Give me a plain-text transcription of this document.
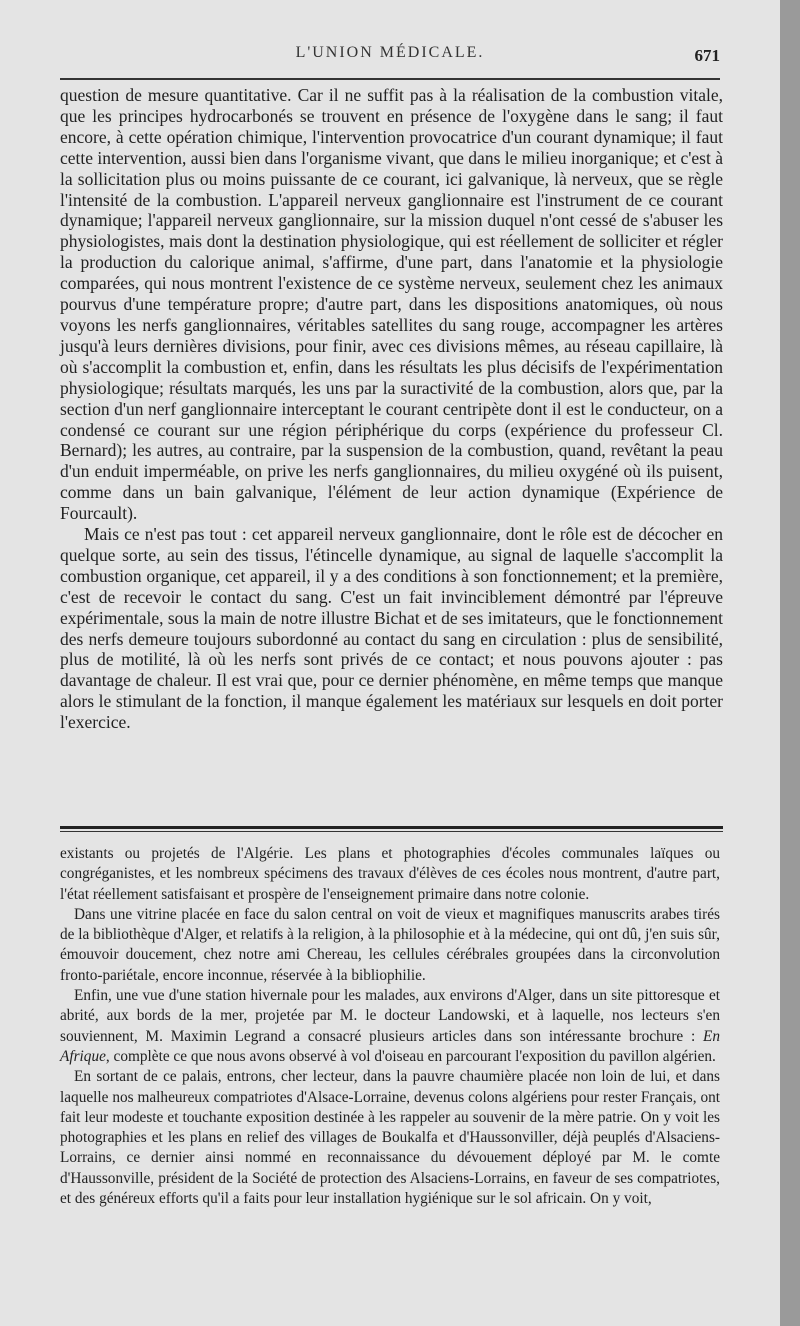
L'UNION MÉDICALE.	671

question de mesure quantitative. Car il ne suffit pas à la réalisation de la combustion vitale, que les principes hydrocarbonés se trouvent en présence de l'oxygène dans le sang; il faut encore, à cette opération chimique, l'intervention provocatrice d'un courant dynamique; il faut cette intervention, aussi bien dans l'organisme vivant, que dans le milieu inorganique; et c'est à la sollicitation plus ou moins puissante de ce courant, ici galvanique, là nerveux, que se règle l'intensité de la combustion. L'appareil nerveux ganglionnaire est l'instrument de ce courant dynamique; l'appareil nerveux ganglionnaire, sur la mission duquel n'ont cessé de s'abuser les physiologistes, mais dont la destination physiologique, qui est réellement de solliciter et régler la production du calorique animal, s'affirme, d'une part, dans l'anatomie et la physiologie comparées, qui nous montrent l'existence de ce système nerveux, seulement chez les animaux pourvus d'une température propre; d'autre part, dans les dispositions anatomiques, où nous voyons les nerfs ganglionnaires, véritables satellites du sang rouge, accompagner les artères jusqu'à leurs dernières divisions, pour finir, avec ces divisions mêmes, au réseau capillaire, là où s'accomplit la combustion et, enfin, dans les résultats les plus décisifs de l'expérimentation physiologique; résultats marqués, les uns par la suractivité de la combustion, alors que, par la section d'un nerf ganglionnaire interceptant le courant centripète dont il est le conducteur, on a condensé ce courant sur une région périphérique du corps (expérience du professeur Cl. Bernard); les autres, au contraire, par la suspension de la combustion, quand, revêtant la peau d'un enduit imperméable, on prive les nerfs ganglionnaires, du milieu oxygéné où ils puisent, comme dans un bain galvanique, l'élément de leur action dynamique (Expérience de Fourcault).

Mais ce n'est pas tout : cet appareil nerveux ganglionnaire, dont le rôle est de décocher en quelque sorte, au sein des tissus, l'étincelle dynamique, au signal de laquelle s'accomplit la combustion organique, cet appareil, il y a des conditions à son fonctionnement; et la première, c'est de recevoir le contact du sang. C'est un fait invinciblement démontré par l'épreuve expérimentale, sous la main de notre illustre Bichat et de ses imitateurs, que le fonctionnement des nerfs demeure toujours subordonné au contact du sang en circulation : plus de sensibilité, plus de motilité, là où les nerfs sont privés de ce contact; et nous pouvons ajouter : pas davantage de chaleur. Il est vrai que, pour ce dernier phénomène, en même temps que manque alors le stimulant de la fonction, il manque également les matériaux sur lesquels en doit porter l'exercice.

existants ou projetés de l'Algérie. Les plans et photographies d'écoles communales laïques ou congréganistes, et les nombreux spécimens des travaux d'élèves de ces écoles nous montrent, d'autre part, l'état réellement satisfaisant et prospère de l'enseignement primaire dans notre colonie.

Dans une vitrine placée en face du salon central on voit de vieux et magnifiques manuscrits arabes tirés de la bibliothèque d'Alger, et relatifs à la religion, à la philosophie et à la médecine, qui ont dû, j'en suis sûr, émouvoir doucement, chez notre ami Chereau, les cellules cérébrales groupées dans la circonvolution fronto-pariétale, encore inconnue, réservée à la bibliophilie.

Enfin, une vue d'une station hivernale pour les malades, aux environs d'Alger, dans un site pittoresque et abrité, aux bords de la mer, projetée par M. le docteur Landowski, et à laquelle, nos lecteurs s'en souviennent, M. Maximin Legrand a consacré plusieurs articles dans son intéressante brochure : En Afrique, complète ce que nous avons observé à vol d'oiseau en parcourant l'exposition du pavillon algérien.

En sortant de ce palais, entrons, cher lecteur, dans la pauvre chaumière placée non loin de lui, et dans laquelle nos malheureux compatriotes d'Alsace-Lorraine, devenus colons algériens pour rester Français, ont fait leur modeste et touchante exposition destinée à les rappeler au souvenir de la mère patrie. On y voit les photographies et les plans en relief des villages de Boukalfa et d'Haussonviller, déjà peuplés d'Alsaciens-Lorrains, ce dernier ainsi nommé en reconnaissance du dévouement déployé par M. le comte d'Haussonville, président de la Société de protection des Alsaciens-Lorrains, en faveur de ses compatriotes, et des généreux efforts qu'il a faits pour leur installation hygiénique sur le sol africain. On y voit,
